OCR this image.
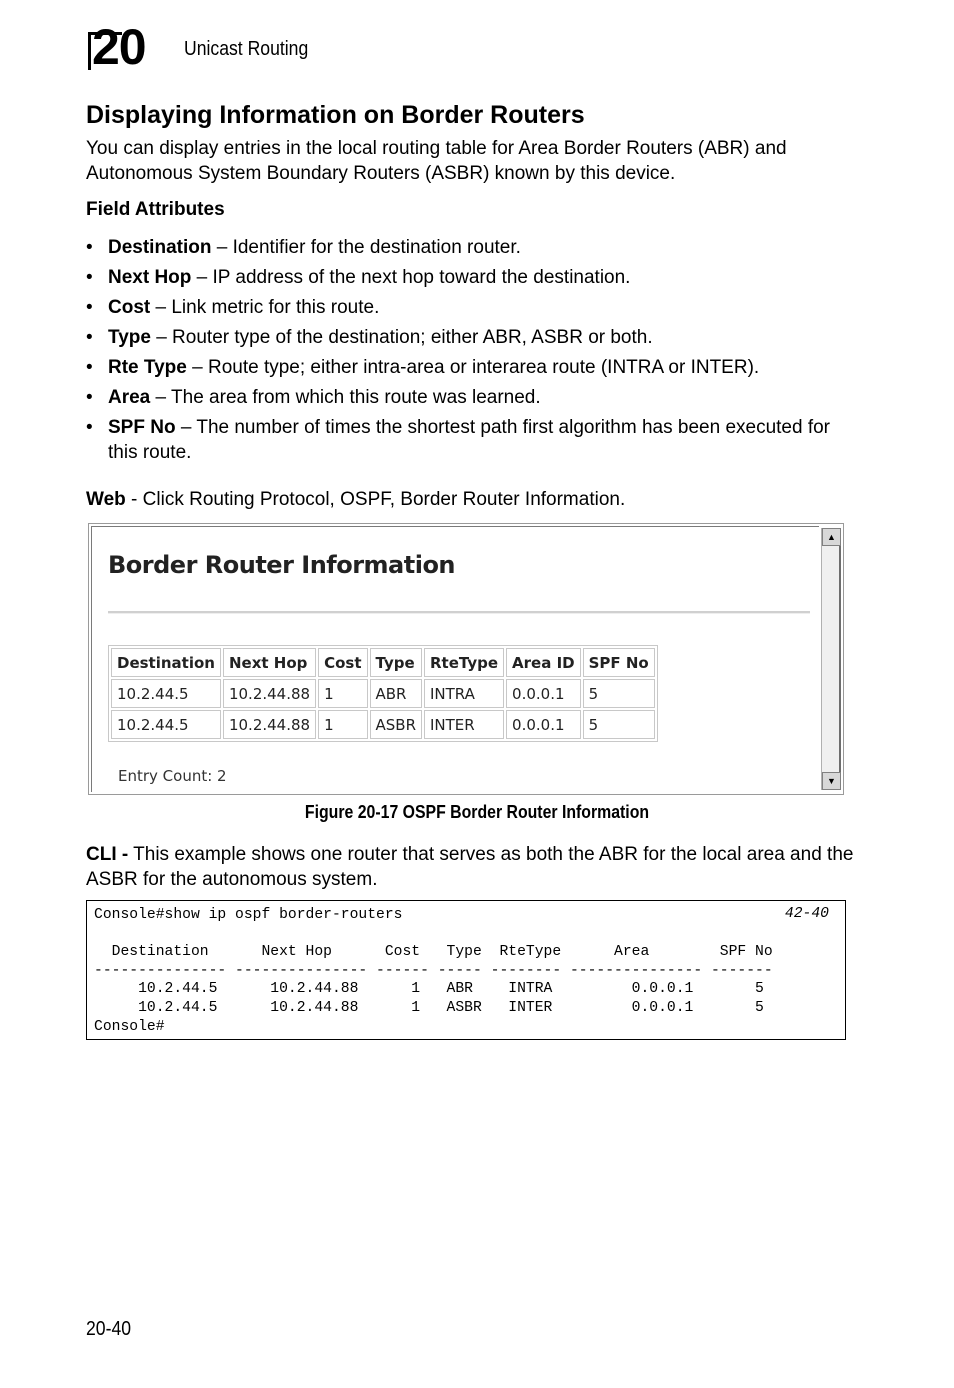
20 Unicast Routing
Displaying Information on Border Routers
You can display entries in the local routing table for Area Border Routers (ABR) and Autonomous System Boundary Routers (ASBR) known by this device.
Field Attributes
• Destination – Identifier for the destination router.
• Next Hop – IP address of the next hop toward the destination.
• Cost – Link metric for this route.
• Type – Router type of the destination; either ABR, ASBR or both.
• Rte Type – Route type; either intra-area or interarea route (INTRA or INTER).
• Area – The area from which this route was learned.
• SPF No – The number of times the shortest path first algorithm has been executed for this route.
Web - Click Routing Protocol, OSPF, Border Router Information.
Border Router Information
Destination	Next Hop	Cost	Type	RteType	Area ID	SPF No
10.2.44.5	10.2.44.88	1	ABR	INTRA	0.0.0.1	5
10.2.44.5	10.2.44.88	1	ASBR	INTER	0.0.0.1	5
Entry Count: 2
▲
▼
Figure 20-17 OSPF Border Router Information
CLI - This example shows one router that serves as both the ABR for the local area and the ASBR for the autonomous system.
Console#show ip ospf border-routers
Destination      Next Hop      Cost   Type  RteType      Area        SPF No
--------------- --------------- ------ ----- -------- --------------- -------
10.2.44.5      10.2.44.88      1   ABR    INTRA         0.0.0.1       5
10.2.44.5      10.2.44.88      1   ASBR   INTER         0.0.0.1       5
Console#
42-40
20-40
